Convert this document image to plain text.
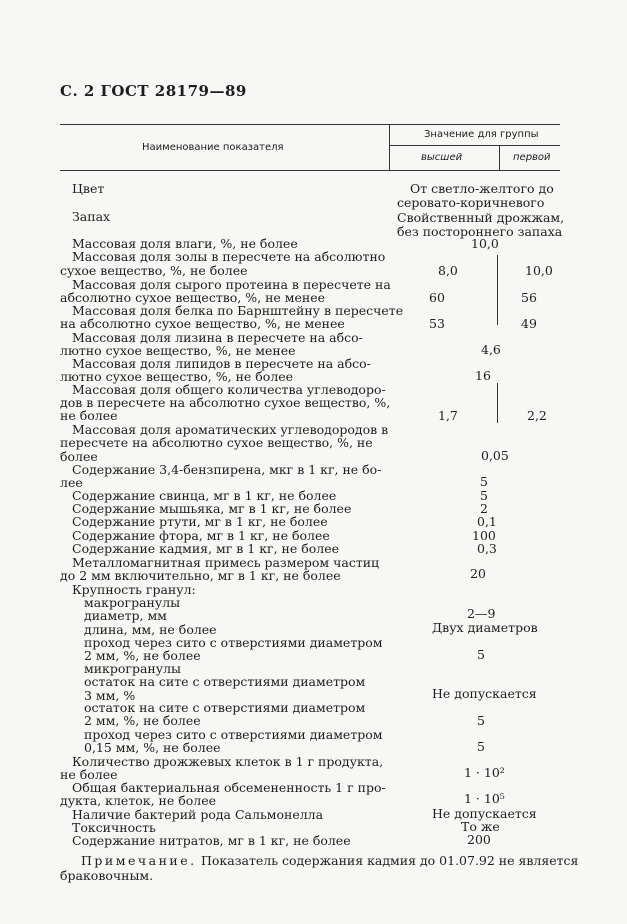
С. 2 ГОСТ 28179—89
Наименование показателя
Значение для группы
высшей	первой
Цвет	От светло-желтого до
серовато-коричневого
Запах	Свойственный дрожжам,
без постороннего запаха
Массовая доля влаги, %, не более	10,0
Массовая доля золы в пересчете на абсолютно
сухое вещество, %, не более	8,0	10,0
Массовая доля сырого протеина в пересчете на
абсолютно сухое вещество, %, не менее	60	56
Массовая доля белка по Барнштейну в пересчете
на абсолютно сухое вещество, %, не менее	53	49
Массовая доля лизина в пересчете на абсо-
лютно сухое вещество, %, не менее	4,6
Массовая доля липидов в пересчете на абсо-
лютно сухое вещество, %, не более	16
Массовая доля общего количества углеводоро-
дов в пересчете на абсолютно сухое вещество, %,
не более	1,7	2,2
Массовая доля ароматических углеводородов в
пересчете на абсолютно сухое вещество, %, не
более	0,05
Содержание 3,4-бензпирена, мкг в 1 кг, не бо-
лее	5
Содержание свинца, мг в 1 кг, не более	5
Содержание мышьяка, мг в 1 кг, не более	2
Содержание ртути, мг в 1 кг, не более	0,1
Содержание фтора, мг в 1 кг, не более	100
Содержание кадмия, мг в 1 кг, не более	0,3
Металломагнитная примесь размером частиц
до 2 мм включительно, мг в 1 кг, не более	20
Крупность гранул:
макрогранулы
диаметр, мм	2—9
длина, мм, не более	Двух диаметров
проход через сито с отверстиями диаметром
2 мм, %, не более	5
микрогранулы
остаток на сите с отверстиями диаметром
3 мм, %	Не допускается
остаток на сите с отверстиями диаметром
2 мм, %, не более	5
проход через сито с отверстиями диаметром
0,15 мм, %, не более	5
Количество дрожжевых клеток в 1 г продукта,
не более	1 · 10²
Общая бактериальная обсемененность 1 г про-
дукта, клеток, не более	1 · 10⁵
Наличие бактерий рода Сальмонелла	Не допускается
Токсичность	То же
Содержание нитратов, мг в 1 кг, не более	200
Примечание. Показатель содержания кадмия до 01.07.92 не является
браковочным.
